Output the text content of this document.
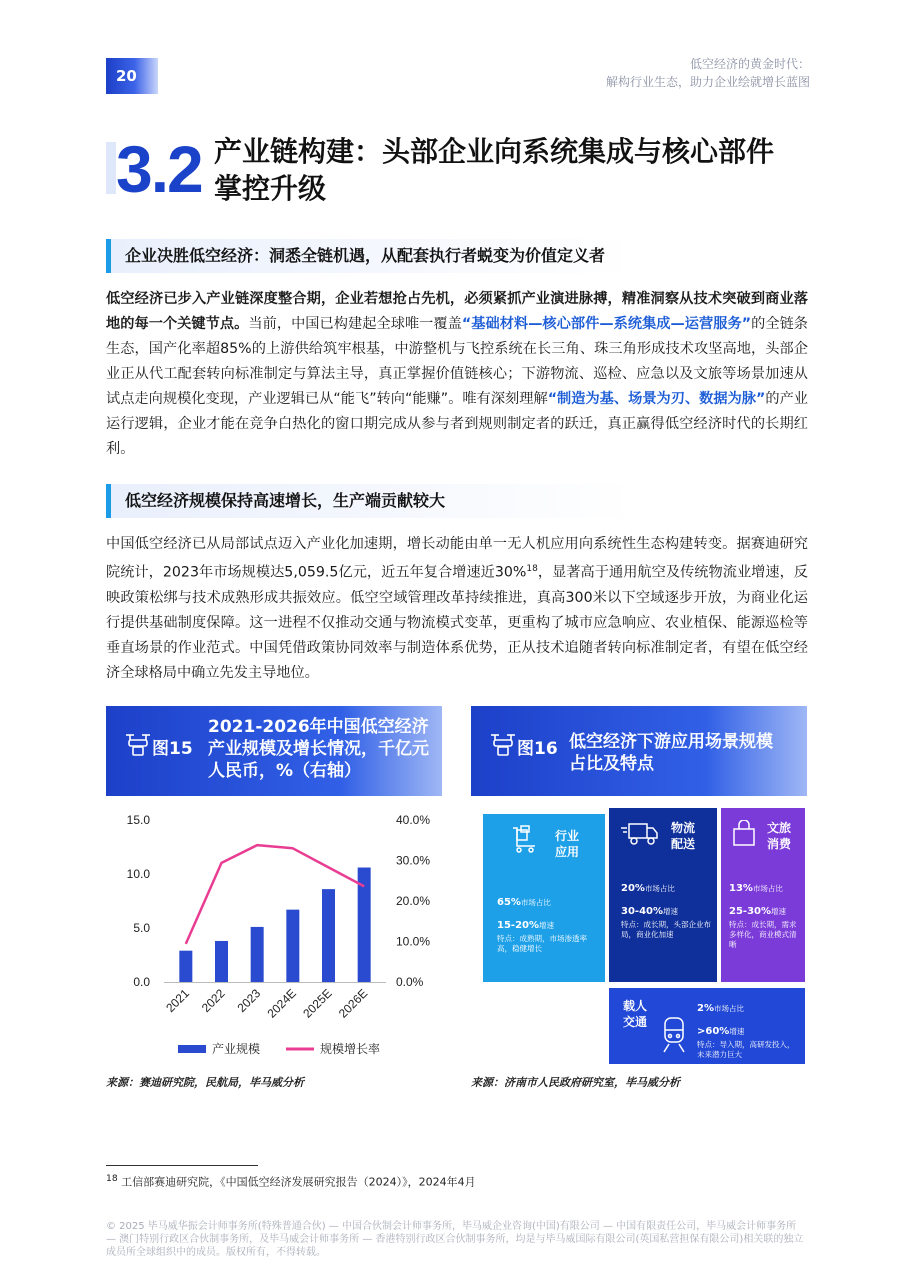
20
低空经济的黄金时代：
解构行业生态，助力企业绘就增长蓝图
3.2 产业链构建：头部企业向系统集成与核心部件掌控升级
企业决胜低空经济：洞悉全链机遇，从配套执行者蜕变为价值定义者
低空经济已步入产业链深度整合期，企业若想抢占先机，必须紧抓产业演进脉搏，精准洞察从技术突破到商业落地的每一个关键节点。当前，中国已构建起全球唯一覆盖“基础材料—核心部件—系统集成—运营服务”的全链条生态，国产化率超85%的上游供给筑牢根基，中游整机与飞控系统在长三角、珠三角形成技术攻坚高地，头部企业正从代工配套转向标准制定与算法主导，真正掌握价值链核心；下游物流、巡检、应急以及文旅等场景加速从试点走向规模化变现，产业逻辑已从“能飞”转向“能赚”。唯有深刻理解“制造为基、场景为刃、数据为脉”的产业运行逻辑，企业才能在竞争白热化的窗口期完成从参与者到规则制定者的跃迁，真正赢得低空经济时代的长期红利。
低空经济规模保持高速增长，生产端贡献较大
中国低空经济已从局部试点迈入产业化加速期，增长动能由单一无人机应用向系统性生态构建转变。据赛迪研究院统计，2023年市场规模达5,059.5亿元，近五年复合增速近30%$^{18}$，显著高于通用航空及传统物流业增速，反映政策松绑与技术成熟形成共振效应。低空空域管理改革持续推进，真高300米以下空域逐步开放，为商业化运行提供基础制度保障。这一进程不仅推动交通与物流模式变革，更重构了城市应急响应、农业植保、能源巡检等垂直场景的作业范式。中国凭借政策协同效率与制造体系优势，正从技术追随者转向标准制定者，有望在低空经济全球格局中确立先发主导地位。
图15
2021-2026年中国低空经济产业规模及增长情况，千亿元人民币，%（右轴）
0.0
5.0
10.0
15.0
0.0%
10.0%
20.0%
30.0%
40.0%
2021 2022 2023 2024E 2025E 2026E
产业规模	规模增长率
来源：赛迪研究院，民航局，毕马威分析
图16 低空经济下游应用场景规模占比及特点
行业应用
65%市场占比
15-20%增速
特点：成熟期，市场渗透率高，稳健增长
物流配送
20%市场占比
30-40%增速
特点：成长期，头部企业布局，商业化加速
文旅消费
13%市场占比
25-30%增速
特点：成长期，需求多样化，商业模式清晰
载人交通
2%市场占比
>60%增速
特点：导入期，高研发投入，未来潜力巨大
来源：济南市人民政府研究室，毕马威分析
$^{18}$ 工信部赛迪研究院，《中国低空经济发展研究报告（2024）》，2024年4月
© 2025 毕马威华振会计师事务所(特殊普通合伙) — 中国合伙制会计师事务所，毕马威企业咨询(中国)有限公司 — 中国有限责任公司，毕马威会计师事务所 — 澳门特别行政区合伙制事务所，及毕马威会计师事务所 — 香港特别行政区合伙制事务所，均是与毕马威国际有限公司(英国私营担保有限公司)相关联的独立成员所全球组织中的成员。版权所有，不得转载。
